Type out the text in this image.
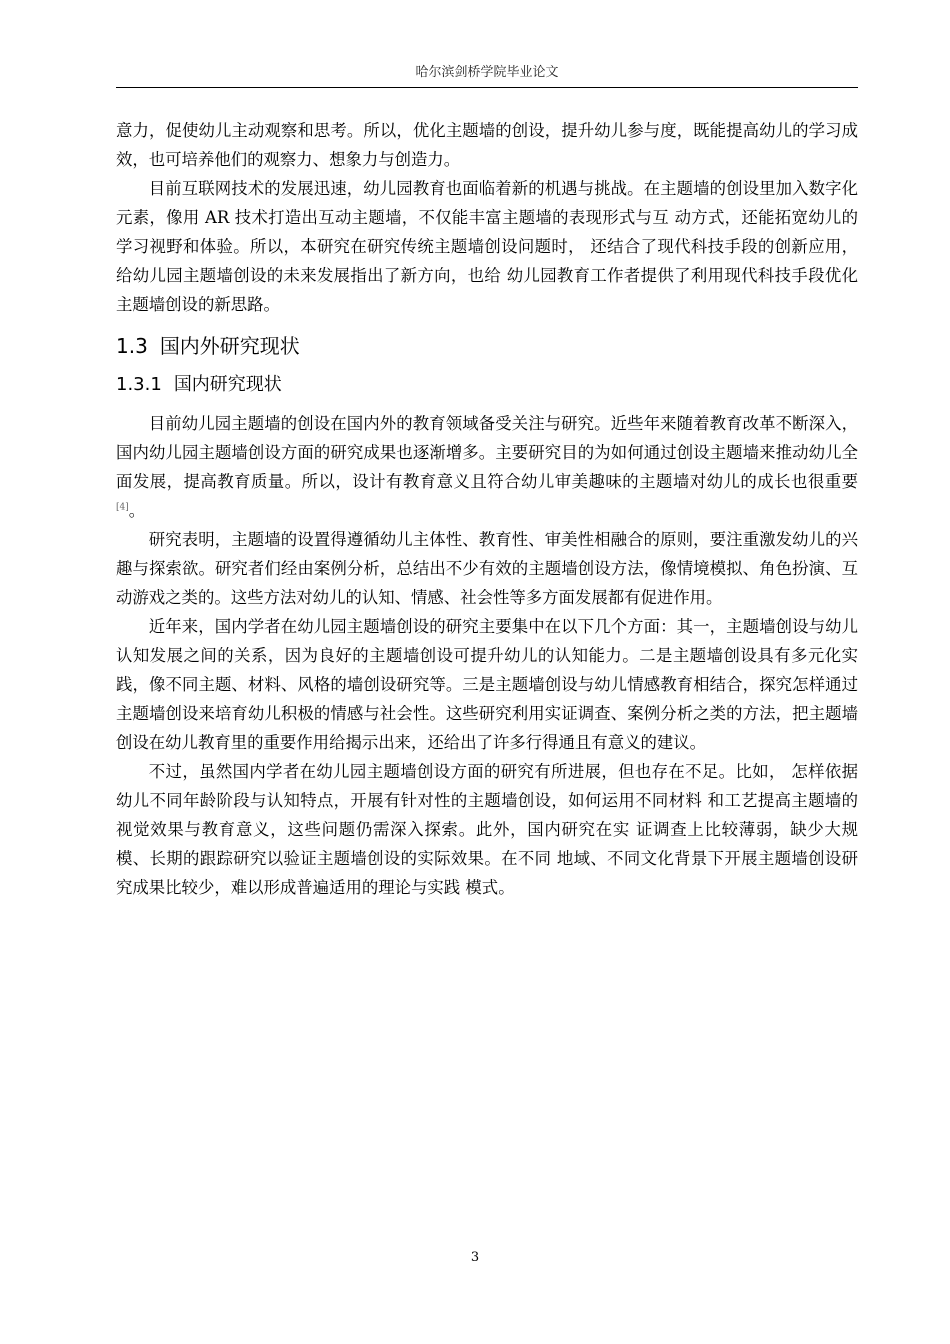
哈尔滨剑桥学院毕业论文

意力，促使幼儿主动观察和思考。所以，优化主题墙的创设，提升幼儿参与度，既能提高幼儿的学习成效，也可培养他们的观察力、想象力与创造力。

目前互联网技术的发展迅速，幼儿园教育也面临着新的机遇与挑战。在主题墙的创设里加入数字化元素，像用 AR 技术打造出互动主题墙，不仅能丰富主题墙的表现形式与互 动方式，还能拓宽幼儿的学习视野和体验。所以，本研究在研究传统主题墙创设问题时， 还结合了现代科技手段的创新应用，给幼儿园主题墙创设的未来发展指出了新方向，也给 幼儿园教育工作者提供了利用现代科技手段优化主题墙创设的新思路。

1.3 国内外研究现状
1.3.1 国内研究现状

目前幼儿园主题墙的创设在国内外的教育领域备受关注与研究。近些年来随着教育改革不断深入，国内幼儿园主题墙创设方面的研究成果也逐渐增多。主要研究目的为如何通过创设主题墙来推动幼儿全面发展，提高教育质量。所以，设计有教育意义且符合幼儿审美趣味的主题墙对幼儿的成长也很重要[4]。

研究表明，主题墙的设置得遵循幼儿主体性、教育性、审美性相融合的原则，要注重激发幼儿的兴趣与探索欲。研究者们经由案例分析，总结出不少有效的主题墙创设方法，像情境模拟、角色扮演、互动游戏之类的。这些方法对幼儿的认知、情感、社会性等多方面发展都有促进作用。

近年来，国内学者在幼儿园主题墙创设的研究主要集中在以下几个方面：其一，主题墙创设与幼儿认知发展之间的关系，因为良好的主题墙创设可提升幼儿的认知能力。二是主题墙创设具有多元化实践，像不同主题、材料、风格的墙创设研究等。三是主题墙创设与幼儿情感教育相结合，探究怎样通过主题墙创设来培育幼儿积极的情感与社会性。这些研究利用实证调查、案例分析之类的方法，把主题墙创设在幼儿教育里的重要作用给揭示出来，还给出了许多行得通且有意义的建议。

不过，虽然国内学者在幼儿园主题墙创设方面的研究有所进展，但也存在不足。比如， 怎样依据幼儿不同年龄阶段与认知特点，开展有针对性的主题墙创设，如何运用不同材料 和工艺提高主题墙的视觉效果与教育意义，这些问题仍需深入探索。此外，国内研究在实 证调查上比较薄弱，缺少大规模、长期的跟踪研究以验证主题墙创设的实际效果。在不同 地域、不同文化背景下开展主题墙创设研究成果比较少，难以形成普遍适用的理论与实践 模式。

3
